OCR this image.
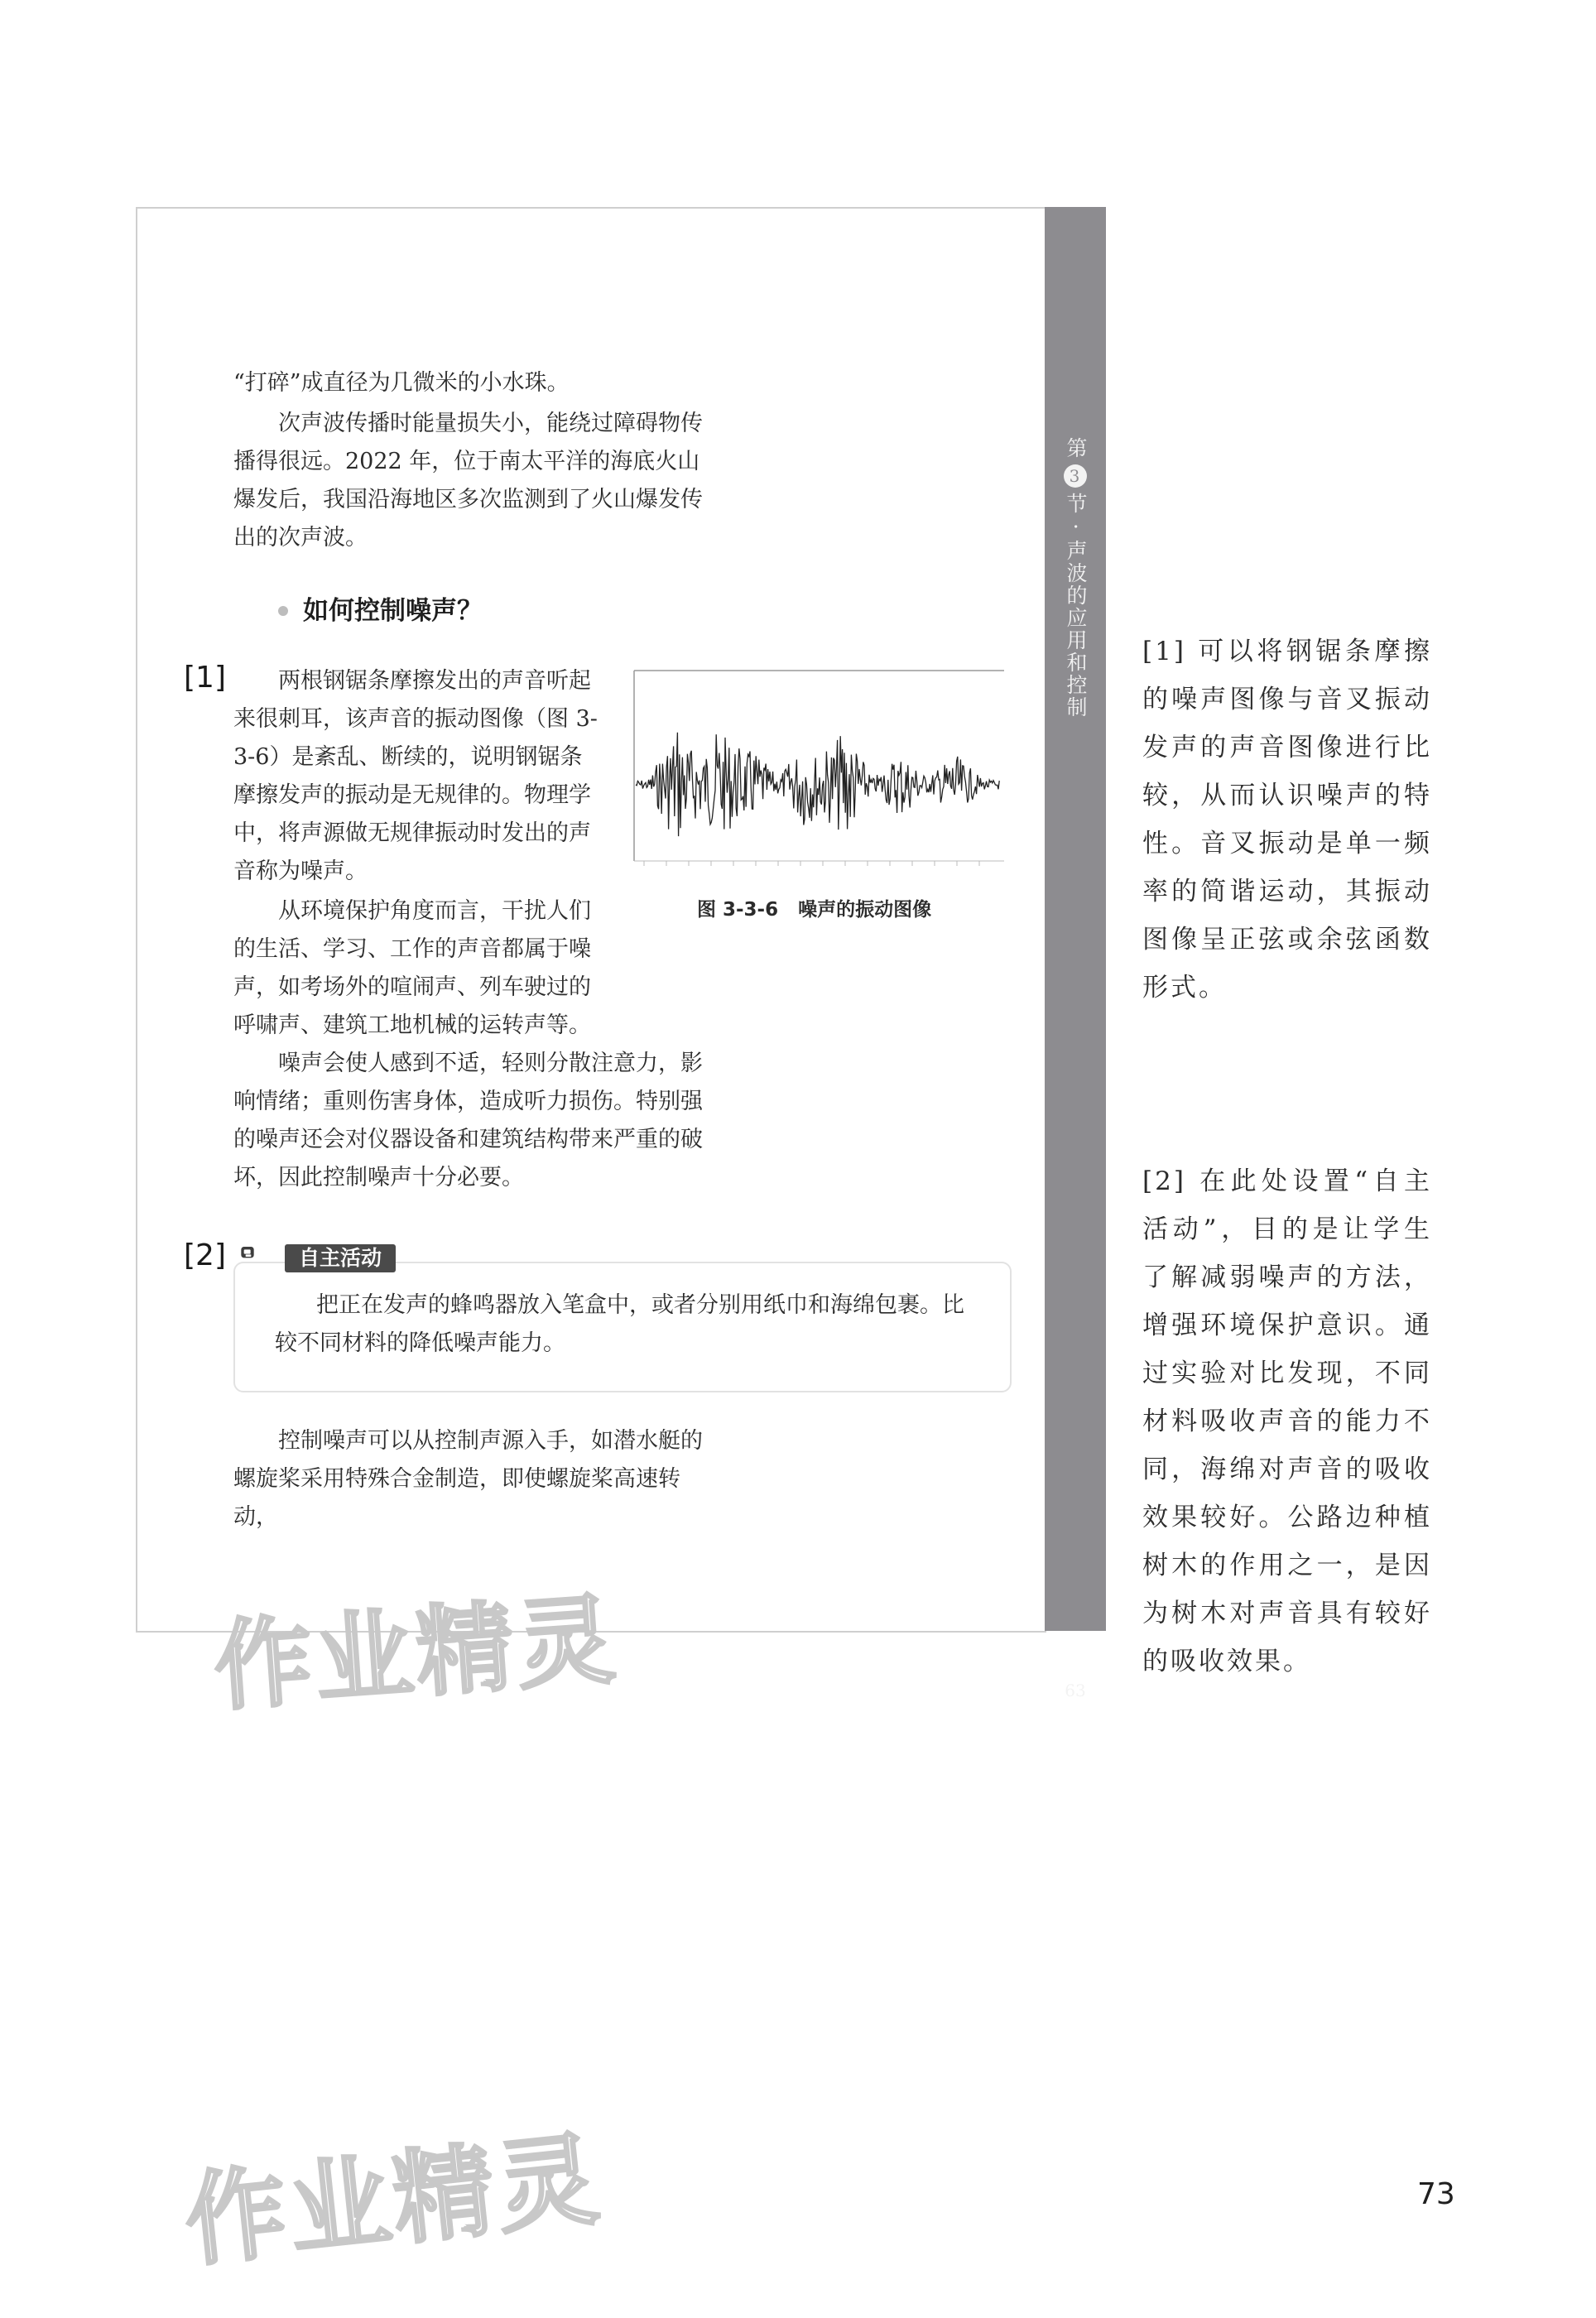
第
3
节 · 声波的应用和控制
63

“打碎”成直径为几微米的小水珠。

次声波传播时能量损失小，能绕过障碍物传播得很远。2022 年，位于南太平洋的海底火山爆发后，我国沿海地区多次监测到了火山爆发传出的次声波。

如何控制噪声？
[1]	两根钢锯条摩擦发出的声音听起来很刺耳，该声音的振动图像（图 3-3-6）是紊乱、断续的，说明钢锯条摩擦发声的振动是无规律的。物理学中，将声源做无规律振动时发出的声音称为噪声。

图 3-3-6   噪声的振动图像

从环境保护角度而言，干扰人们的生活、学习、工作的声音都属于噪声，如考场外的喧闹声、列车驶过的呼啸声、建筑工地机械的运转声等。

噪声会使人感到不适，轻则分散注意力，影响情绪；重则伤害身体，造成听力损伤。特别强的噪声还会对仪器设备和建筑结构带来严重的破坏，因此控制噪声十分必要。

[2]

把正在发声的蜂鸣器放入笔盒中，或者分别用纸巾和海绵包裹。比较不同材料的降低噪声能力。

自主活动

控制噪声可以从控制声源入手，如潜水艇的螺旋桨采用特殊合金制造，即使螺旋桨高速转动，

[1] 可以将钢锯条摩擦的噪声图像与音叉振动发声的声音图像进行比较，从而认识噪声的特性。音叉振动是单一频率的简谐运动，其振动图像呈正弦或余弦函数形式。
[2] 在此处设置“自主活动”，目的是让学生了解减弱噪声的方法，增强环境保护意识。通过实验对比发现，不同材料吸收声音的能力不同，海绵对声音的吸收效果较好。公路边种植树木的作用之一，是因为树木对声音具有较好的吸收效果。
作业精灵
作业精灵	73
